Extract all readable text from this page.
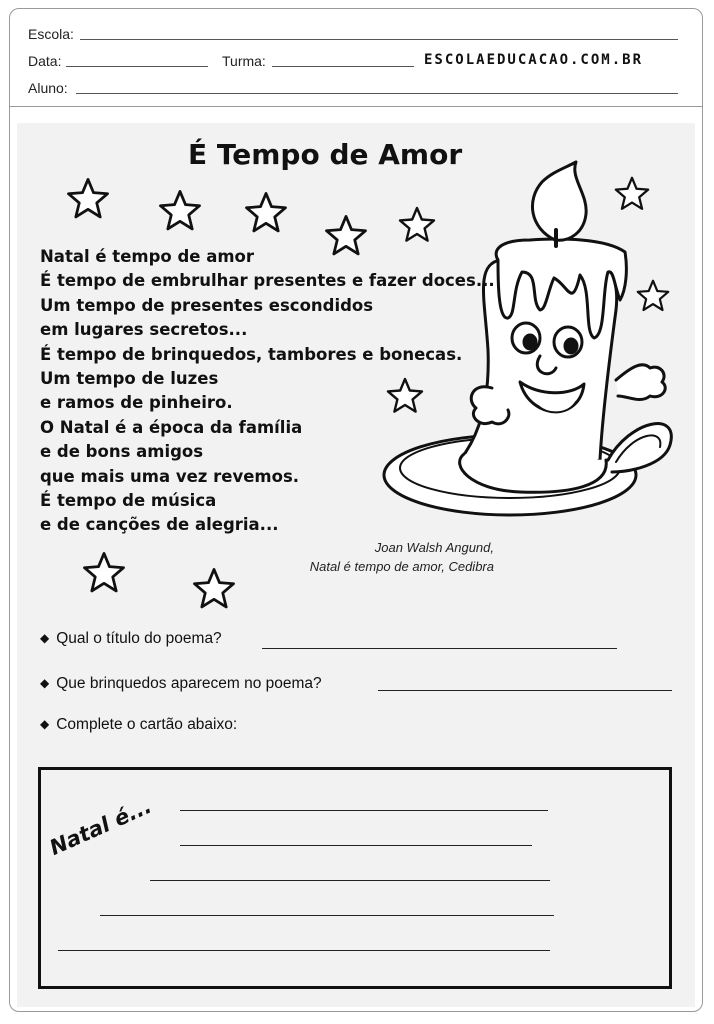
Escola:
Data:	Turma:	ESCOLAEDUCACAO.COM.BR
Aluno:
É Tempo de Amor
Natal é tempo de amor
É tempo de embrulhar presentes e fazer doces...
Um tempo de presentes escondidos
em lugares secretos...
É tempo de brinquedos, tambores e bonecas.
Um tempo de luzes
e ramos de pinheiro.
O Natal é a época da família
e de bons amigos
que mais uma vez revemos.
É tempo de música
e de canções de alegria...
Joan Walsh Angund,
Natal é tempo de amor, Cedibra
◆ Qual o título do poema?
◆ Que brinquedos aparecem no poema?
◆ Complete o cartão abaixo:
Natal é...
